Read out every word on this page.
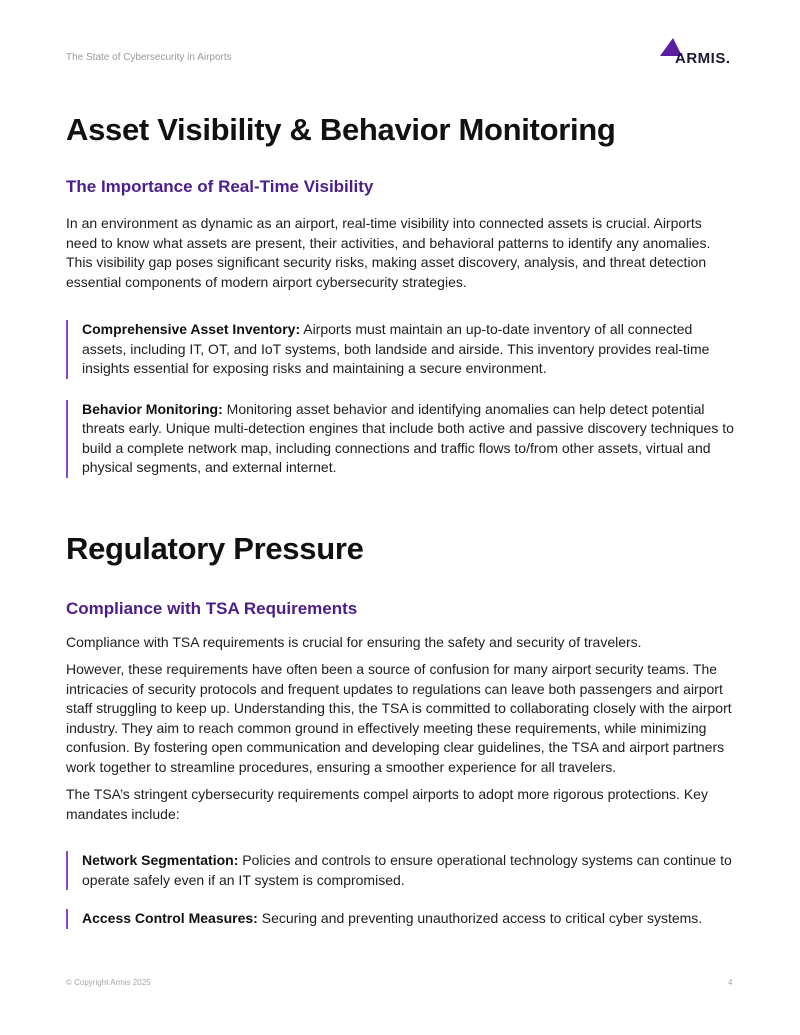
The State of Cybersecurity in Airports	ARMIS.
Asset Visibility & Behavior Monitoring
The Importance of Real-Time Visibility

In an environment as dynamic as an airport, real-time visibility into connected assets is crucial. Airports need to know what assets are present, their activities, and behavioral patterns to identify any anomalies. This visibility gap poses significant security risks, making asset discovery, analysis, and threat detection essential components of modern airport cybersecurity strategies.

Comprehensive Asset Inventory: Airports must maintain an up-to-date inventory of all connected assets, including IT, OT, and IoT systems, both landside and airside. This inventory provides real-time insights essential for exposing risks and maintaining a secure environment.
Behavior Monitoring: Monitoring asset behavior and identifying anomalies can help detect potential threats early. Unique multi-detection engines that include both active and passive discovery techniques to build a complete network map, including connections and traffic flows to/from other assets, virtual and physical segments, and external internet.
Regulatory Pressure
Compliance with TSA Requirements

Compliance with TSA requirements is crucial for ensuring the safety and security of travelers.

However, these requirements have often been a source of confusion for many airport security teams. The intricacies of security protocols and frequent updates to regulations can leave both passengers and airport staff struggling to keep up. Understanding this, the TSA is committed to collaborating closely with the airport industry. They aim to reach common ground in effectively meeting these requirements, while minimizing confusion. By fostering open communication and developing clear guidelines, the TSA and airport partners work together to streamline procedures, ensuring a smoother experience for all travelers.

The TSA’s stringent cybersecurity requirements compel airports to adopt more rigorous protections. Key mandates include:

Network Segmentation: Policies and controls to ensure operational technology systems can continue to operate safely even if an IT system is compromised.
Access Control Measures: Securing and preventing unauthorized access to critical cyber systems.
© Copyright Armis 2025	4
